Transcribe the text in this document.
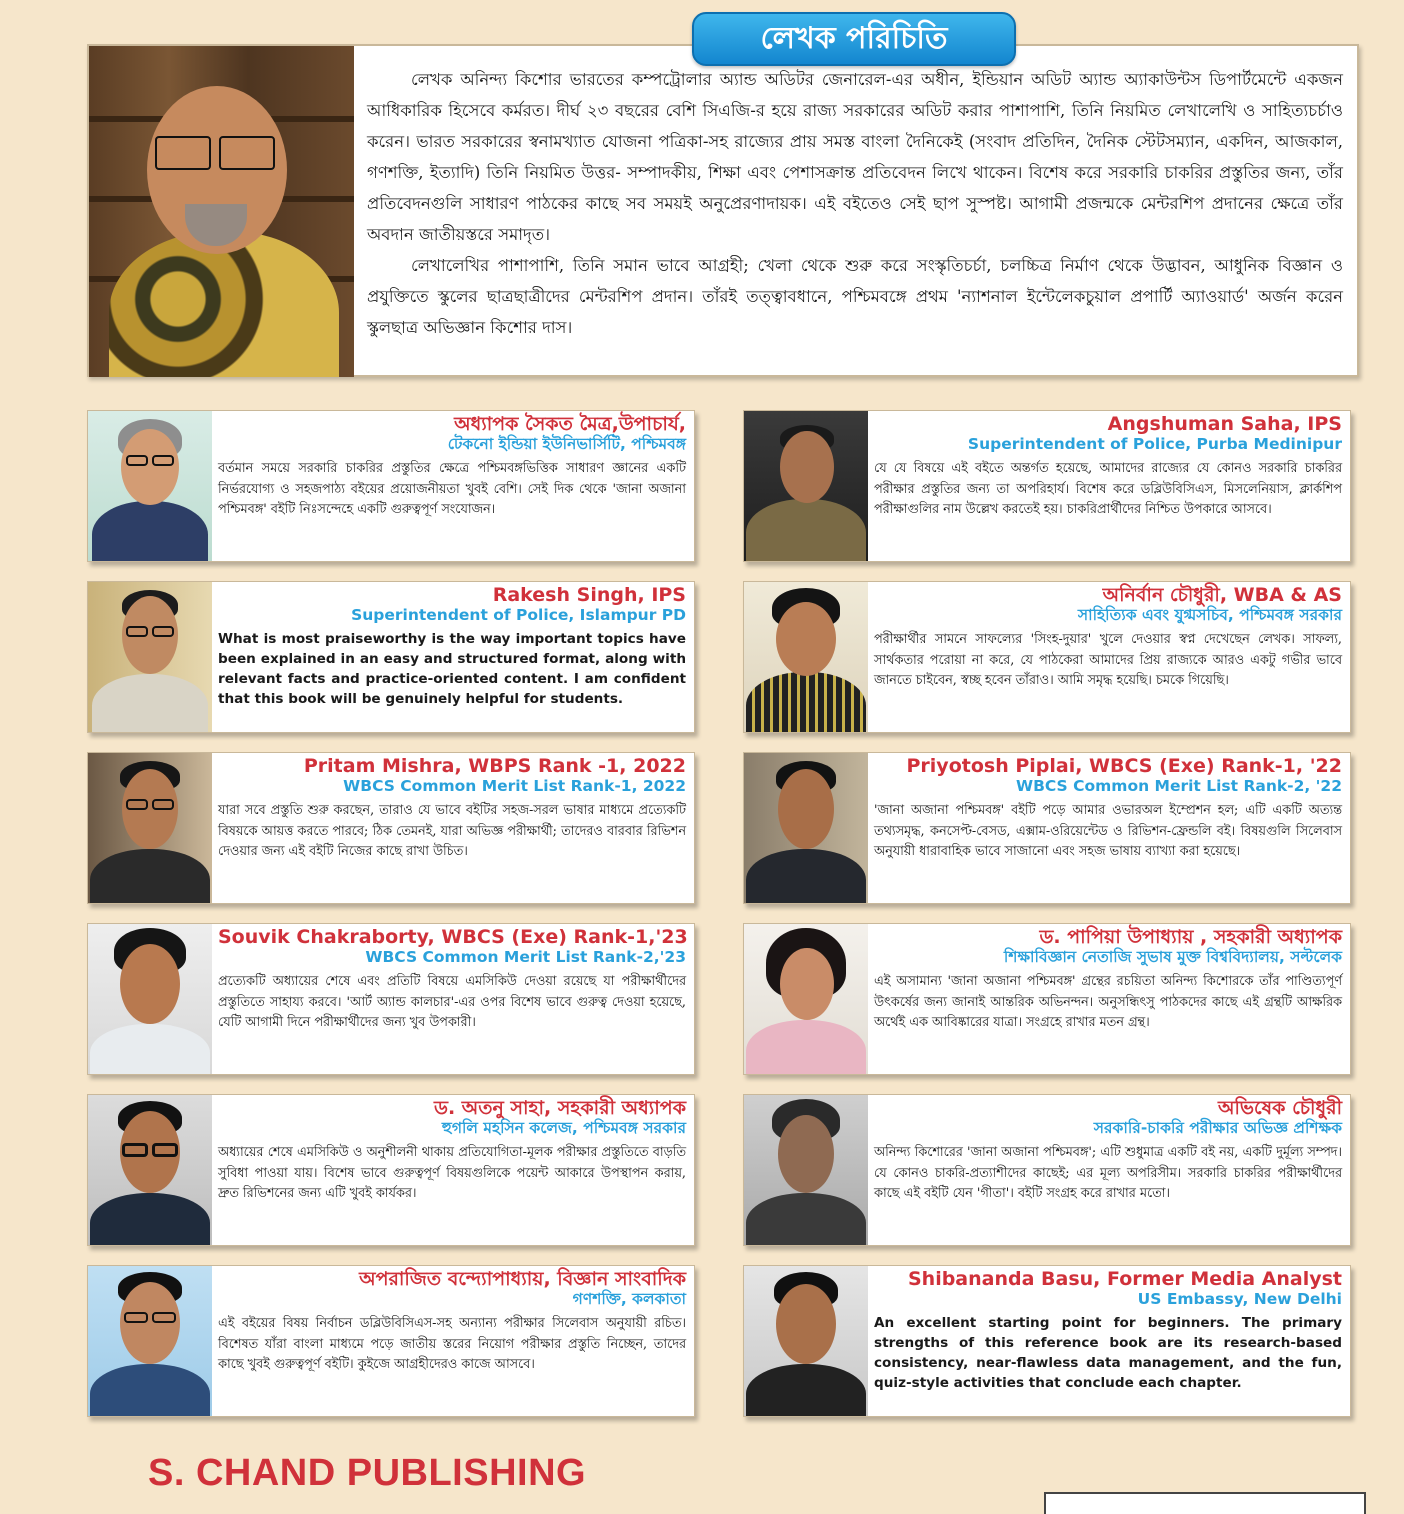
লেখক পরিচিতি

লেখক অনিন্দ্য কিশোর ভারতের কম্পট্রোলার অ্যান্ড অডিটর জেনারেল-এর অধীন, ইন্ডিয়ান অডিট অ্যান্ড অ্যাকাউন্টস ডিপার্টমেন্টে একজন আধিকারিক হিসেবে কর্মরত। দীর্ঘ ২৩ বছরের বেশি সিএজি-র হয়ে রাজ্য সরকারের অডিট করার পাশাপাশি, তিনি নিয়মিত লেখালেখি ও সাহিত্যচর্চাও করেন। ভারত সরকারের স্বনামখ্যাত যোজনা পত্রিকা-সহ রাজ্যের প্রায় সমস্ত বাংলা দৈনিকেই (সংবাদ প্রতিদিন, দৈনিক স্টেটসম্যান, একদিন, আজকাল, গণশক্তি, ইত্যাদি) তিনি নিয়মিত উত্তর- সম্পাদকীয়, শিক্ষা এবং পেশাসক্রান্ত প্রতিবেদন লিখে থাকেন। বিশেষ করে সরকারি চাকরির প্রস্তুতির জন্য, তাঁর প্রতিবেদনগুলি সাধারণ পাঠকের কাছে সব সময়ই অনুপ্রেরণাদায়ক। এই বইতেও সেই ছাপ সুস্পষ্ট। আগামী প্রজন্মকে মেন্টরশিপ প্রদানের ক্ষেত্রে তাঁর অবদান জাতীয়স্তরে সমাদৃত।

লেখালেখির পাশাপাশি, তিনি সমান ভাবে আগ্রহী; খেলা থেকে শুরু করে সংস্কৃতিচর্চা, চলচ্চিত্র নির্মাণ থেকে উদ্ভাবন, আধুনিক বিজ্ঞান ও প্রযুক্তিতে স্কুলের ছাত্রছাত্রীদের মেন্টরশিপ প্রদান। তাঁরই তত্ত্বাবধানে, পশ্চিমবঙ্গে প্রথম 'ন্যাশনাল ইন্টেলেকচুয়াল প্রপার্টি অ্যাওয়ার্ড' অর্জন করেন স্কুলছাত্র অভিজ্ঞান কিশোর দাস।

অধ্যাপক সৈকত মৈত্র,উপাচার্য,
টেকনো ইন্ডিয়া ইউনিভার্সিটি, পশ্চিমবঙ্গ
বর্তমান সময়ে সরকারি চাকরির প্রস্তুতির ক্ষেত্রে পশ্চিমবঙ্গভিত্তিক সাধারণ জ্ঞানের একটি নির্ভরযোগ্য ও সহজপাঠ্য বইয়ের প্রয়োজনীয়তা খুবই বেশি। সেই দিক থেকে 'জানা অজানা পশ্চিমবঙ্গ' বইটি নিঃসন্দেহে একটি গুরুত্বপূর্ণ সংযোজন।
Angshuman Saha, IPS
Superintendent of Police, Purba Medinipur
যে যে বিষয়ে এই বইতে অন্তর্গত হয়েছে, আমাদের রাজ্যের যে কোনও সরকারি চাকরির পরীক্ষার প্রস্তুতির জন্য তা অপরিহার্য। বিশেষ করে ডব্লিউবিসিএস, মিসলেনিয়াস, ক্লার্কশিপ পরীক্ষাগুলির নাম উল্লেখ করতেই হয়। চাকরিপ্রার্থীদের নিশ্চিত উপকারে আসবে।
Rakesh Singh, IPS
Superintendent of Police, Islampur PD
What is most praiseworthy is the way important topics have been explained in an easy and structured format, along with relevant facts and practice-oriented content. I am confident that this book will be genuinely helpful for students.
অনির্বান চৌধুরী, WBA & AS
সাহিত্যিক এবং যুগ্মসচিব, পশ্চিমবঙ্গ সরকার
পরীক্ষার্থীর সামনে সাফল্যের 'সিংহ-দুয়ার' খুলে দেওয়ার স্বপ্ন দেখেছেন লেখক। সাফল্য, সার্থকতার পরোয়া না করে, যে পাঠকেরা আমাদের প্রিয় রাজ্যকে আরও একটু গভীর ভাবে জানতে চাইবেন, স্বচ্ছ হবেন তাঁরাও। আমি সমৃদ্ধ হয়েছি। চমকে গিয়েছি।
Pritam Mishra, WBPS Rank -1, 2022
WBCS Common Merit List Rank-1, 2022
যারা সবে প্রস্তুতি শুরু করছেন, তারাও যে ভাবে বইটির সহজ-সরল ভাষার মাধ্যমে প্রত্যেকটি বিষয়কে আয়ত্ত করতে পারবে; ঠিক তেমনই, যারা অভিজ্ঞ পরীক্ষার্থী; তাদেরও বারবার রিভিশন দেওয়ার জন্য এই বইটি নিজের কাছে রাখা উচিত।
Priyotosh Piplai, WBCS (Exe) Rank-1, '22
WBCS Common Merit List Rank-2, '22
'জানা অজানা পশ্চিমবঙ্গ' বইটি পড়ে আমার ওভারঅল ইম্প্রেশন হল; এটি একটি অত্যন্ত তথ্যসমৃদ্ধ, কনসেপ্ট-বেসড, এক্সাম-ওরিয়েন্টেড ও রিভিশন-ফ্রেন্ডলি বই। বিষয়গুলি সিলেবাস অনুযায়ী ধারাবাহিক ভাবে সাজানো এবং সহজ ভাষায় ব্যাখ্যা করা হয়েছে।
Souvik Chakraborty, WBCS (Exe) Rank-1,'23
WBCS Common Merit List Rank-2,'23
প্রত্যেকটি অধ্যায়ের শেষে এবং প্রতিটি বিষয়ে এমসিকিউ দেওয়া রয়েছে যা পরীক্ষার্থীদের প্রস্তুতিতে সাহায্য করবে। 'আর্ট অ্যান্ড কালচার'-এর ওপর বিশেষ ভাবে গুরুত্ব দেওয়া হয়েছে, যেটি আগামী দিনে পরীক্ষার্থীদের জন্য খুব উপকারী।
ড. পাপিয়া উপাধ্যায় , সহকারী অধ্যাপক
শিক্ষাবিজ্ঞান নেতাজি সুভাষ মুক্ত বিশ্ববিদ্যালয়, সল্টলেক
এই অসামান্য 'জানা অজানা পশ্চিমবঙ্গ' গ্রন্থের রচয়িতা অনিন্দ্য কিশোরকে তাঁর পাণ্ডিত্যপূর্ণ উৎকর্ষের জন্য জানাই আন্তরিক অভিনন্দন। অনুসন্ধিৎসু পাঠকদের কাছে এই গ্রন্থটি আক্ষরিক অর্থেই এক আবিষ্কারের যাত্রা। সংগ্রহে রাখার মতন গ্রন্থ।
ড. অতনু সাহা, সহকারী অধ্যাপক
হুগলি মহসিন কলেজ, পশ্চিমবঙ্গ সরকার
অধ্যায়ের শেষে এমসিকিউ ও অনুশীলনী থাকায় প্রতিযোগিতা-মূলক পরীক্ষার প্রস্তুতিতে বাড়তি সুবিধা পাওয়া যায়। বিশেষ ভাবে গুরুত্বপূর্ণ বিষয়গুলিকে পয়েন্ট আকারে উপস্থাপন করায়, দ্রুত রিভিশনের জন্য এটি খুবই কার্যকর।
অভিষেক চৌধুরী
সরকারি-চাকরি পরীক্ষার অভিজ্ঞ প্রশিক্ষক
অনিন্দ্য কিশোরের 'জানা অজানা পশ্চিমবঙ্গ'; এটি শুধুমাত্র একটি বই নয়, একটি দুর্মূল্য সম্পদ। যে কোনও চাকরি-প্রত্যাশীদের কাছেই; এর মূল্য অপরিসীম। সরকারি চাকরির পরীক্ষার্থীদের কাছে এই বইটি যেন 'গীতা'। বইটি সংগ্রহ করে রাখার মতো।
অপরাজিত বন্দ্যোপাধ্যায়, বিজ্ঞান সাংবাদিক
গণশক্তি, কলকাতা
এই বইয়ের বিষয় নির্বাচন ডব্লিউবিসিএস-সহ অন্যান্য পরীক্ষার সিলেবাস অনুযায়ী রচিত। বিশেষত যাঁরা বাংলা মাধ্যমে পড়ে জাতীয় স্তরের নিয়োগ পরীক্ষার প্রস্তুতি নিচ্ছেন, তাদের কাছে খুবই গুরুত্বপূর্ণ বইটি। কুইজে আগ্রহীদেরও কাজে আসবে।
Shibananda Basu, Former Media Analyst
US Embassy, New Delhi
An excellent starting point for beginners. The primary strengths of this reference book are its research-based consistency, near-flawless data management, and the fun, quiz-style activities that conclude each chapter.
S. CHAND PUBLISHING
